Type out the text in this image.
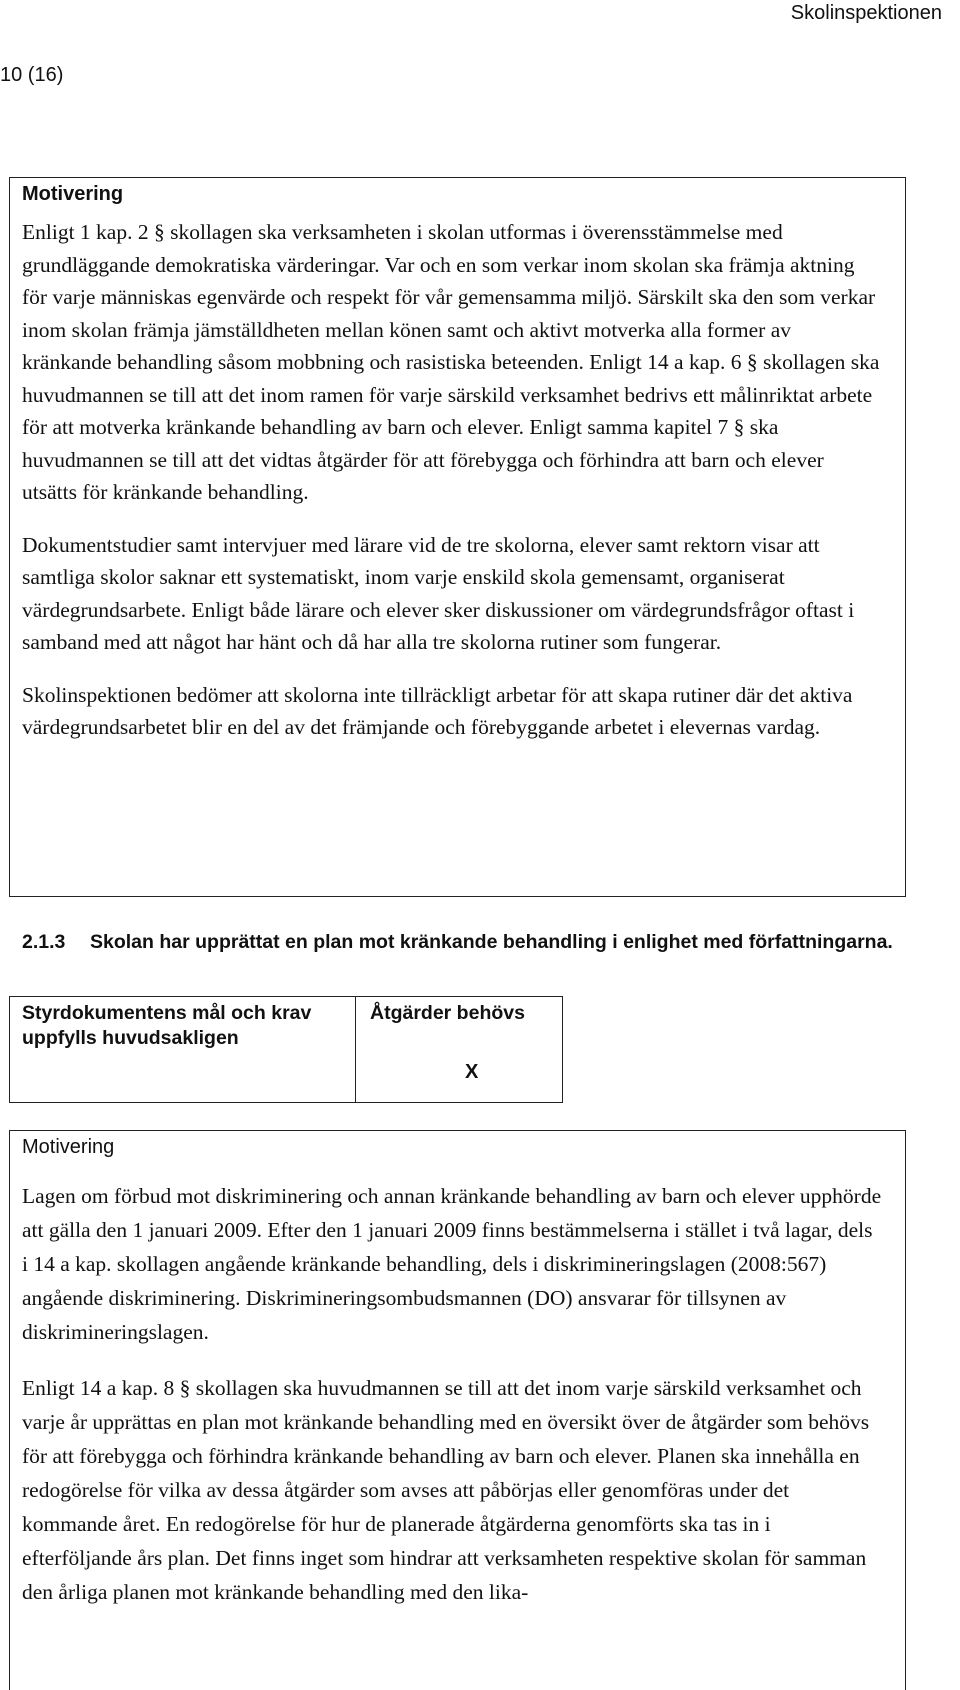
Skolinspektionen
10 (16)
Motivering

Enligt 1 kap. 2 § skollagen ska verksamheten i skolan utformas i överensstämmelse med grundläggande demokratiska värderingar. Var och en som verkar inom skolan ska främja aktning för varje människas egenvärde och respekt för vår gemensamma miljö. Särskilt ska den som verkar inom skolan främja jämställdheten mellan könen samt och aktivt motverka alla former av kränkande behandling såsom mobbning och rasistiska beteenden. Enligt 14 a kap. 6 § skollagen ska huvudmannen se till att det inom ramen för varje särskild verksamhet bedrivs ett målinriktat arbete för att motverka kränkande behandling av barn och elever. Enligt samma kapitel 7 § ska huvudmannen se till att det vidtas åtgärder för att förebygga och förhindra att barn och elever utsätts för kränkande behandling.

Dokumentstudier samt intervjuer med lärare vid de tre skolorna, elever samt rektorn visar att samtliga skolor saknar ett systematiskt, inom varje enskild skola gemensamt, organiserat värdegrundsarbete. Enligt både lärare och elever sker diskussioner om värdegrundsfrågor oftast i samband med att något har hänt och då har alla tre skolorna rutiner som fungerar.

Skolinspektionen bedömer att skolorna inte tillräckligt arbetar för att skapa rutiner där det aktiva värdegrundsarbetet blir en del av det främjande och förebyggande arbetet i elevernas vardag.

2.1.3 Skolan har upprättat en plan mot kränkande behandling i enlighet med författningarna.
Styrdokumentens mål och krav uppfylls huvudsakligen
Åtgärder behövs
X
Motivering

Lagen om förbud mot diskriminering och annan kränkande behandling av barn och elever upphörde att gälla den 1 januari 2009. Efter den 1 januari 2009 finns bestämmelserna i stället i två lagar, dels i 14 a kap. skollagen angående kränkande behandling, dels i diskrimineringslagen (2008:567) angående diskriminering. Diskrimineringsombudsmannen (DO) ansvarar för tillsynen av diskrimineringslagen.

Enligt 14 a kap. 8 § skollagen ska huvudmannen se till att det inom varje särskild verksamhet och varje år upprättas en plan mot kränkande behandling med en översikt över de åtgärder som behövs för att förebygga och förhindra kränkande behandling av barn och elever. Planen ska innehålla en redogörelse för vilka av dessa åtgärder som avses att påbörjas eller genomföras under det kommande året. En redogörelse för hur de planerade åtgärderna genomförts ska tas in i efterföljande års plan. Det finns inget som hindrar att verksamheten respektive skolan för samman den årliga planen mot kränkande behandling med den lika-
